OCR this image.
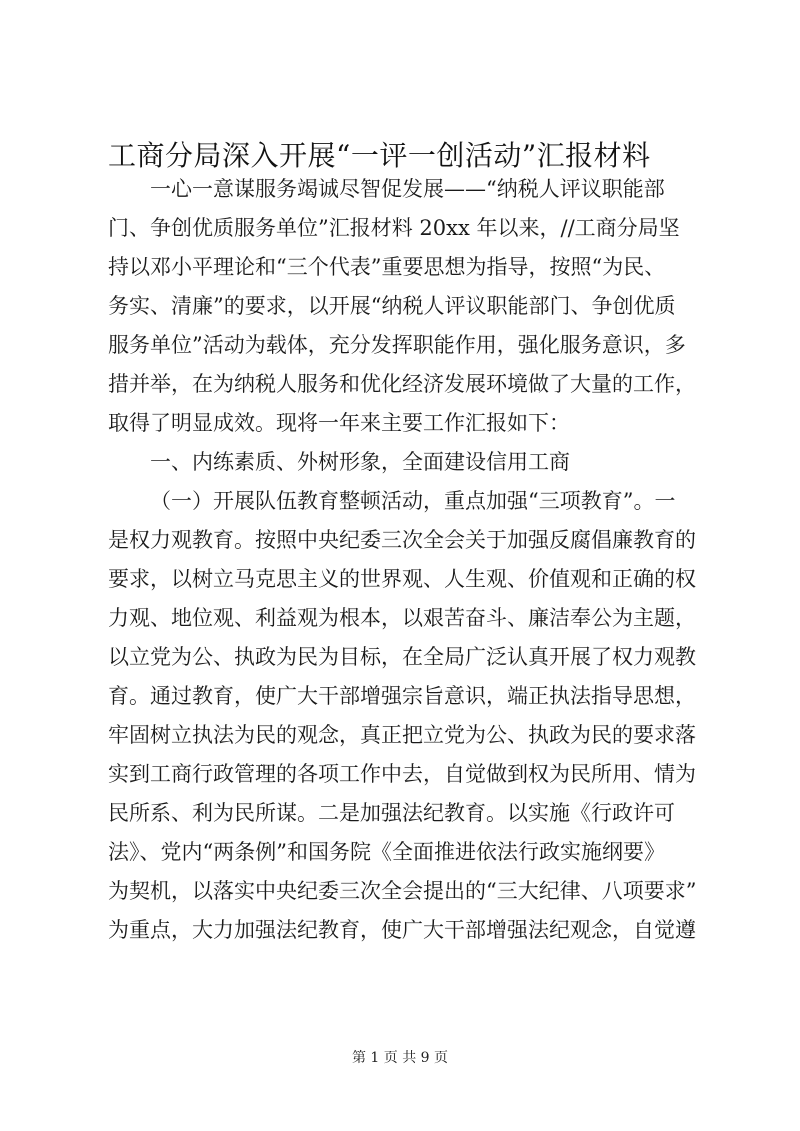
工商分局深入开展“一评一创活动”汇报材料
一心一意谋服务竭诚尽智促发展——“纳税人评议职能部
门、争创优质服务单位”汇报材料 20xx 年以来，//工商分局坚
持以邓小平理论和“三个代表”重要思想为指导，按照“为民、
务实、清廉”的要求，以开展“纳税人评议职能部门、争创优质
服务单位”活动为载体，充分发挥职能作用，强化服务意识，多
措并举，在为纳税人服务和优化经济发展环境做了大量的工作，
取得了明显成效。现将一年来主要工作汇报如下：
一、内练素质、外树形象，全面建设信用工商
（一）开展队伍教育整顿活动，重点加强“三项教育”。一
是权力观教育。按照中央纪委三次全会关于加强反腐倡廉教育的
要求，以树立马克思主义的世界观、人生观、价值观和正确的权
力观、地位观、利益观为根本，以艰苦奋斗、廉洁奉公为主题，
以立党为公、执政为民为目标，在全局广泛认真开展了权力观教
育。通过教育，使广大干部增强宗旨意识，端正执法指导思想，
牢固树立执法为民的观念，真正把立党为公、执政为民的要求落
实到工商行政管理的各项工作中去，自觉做到权为民所用、情为
民所系、利为民所谋。二是加强法纪教育。以实施《行政许可
法》、党内“两条例”和国务院《全面推进依法行政实施纲要》
为契机，以落实中央纪委三次全会提出的“三大纪律、八项要求”
为重点，大力加强法纪教育，使广大干部增强法纪观念，自觉遵
第 1 页 共 9 页
